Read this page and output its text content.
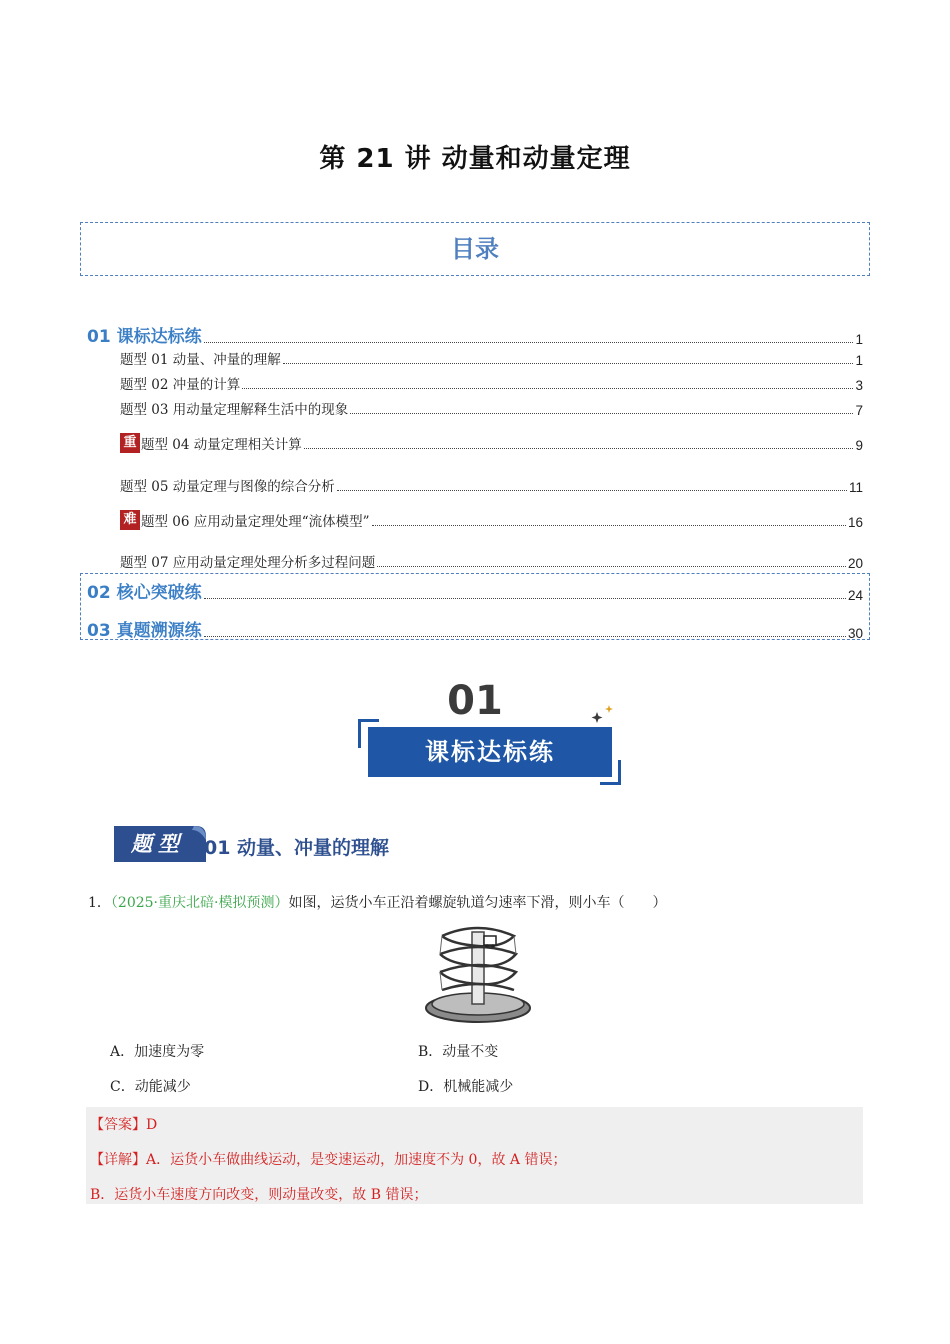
第 21 讲 动量和动量定理
目录
01 课标达标练	1
题型 01 动量、冲量的理解	1
题型 02 冲量的计算	3
题型 03 用动量定理解释生活中的现象	7
重 题型 04 动量定理相关计算	9
题型 05 动量定理与图像的综合分析	11
难 题型 06 应用动量定理处理“流体模型”	16
题型 07 应用动量定理处理分析多过程问题	20
02 核心突破练	24
03 真题溯源练	30
01
课标达标练
题型	01 动量、冲量的理解
1．（2025·重庆北碚·模拟预测）如图，运货小车正沿着螺旋轨道匀速率下滑，则小车（　　）
A．加速度为零	B．动量不变
C．动能减少	D．机械能减少
【答案】D
【详解】A．运货小车做曲线运动，是变速运动，加速度不为 0，故 A 错误；
B．运货小车速度方向改变，则动量改变，故 B 错误；
